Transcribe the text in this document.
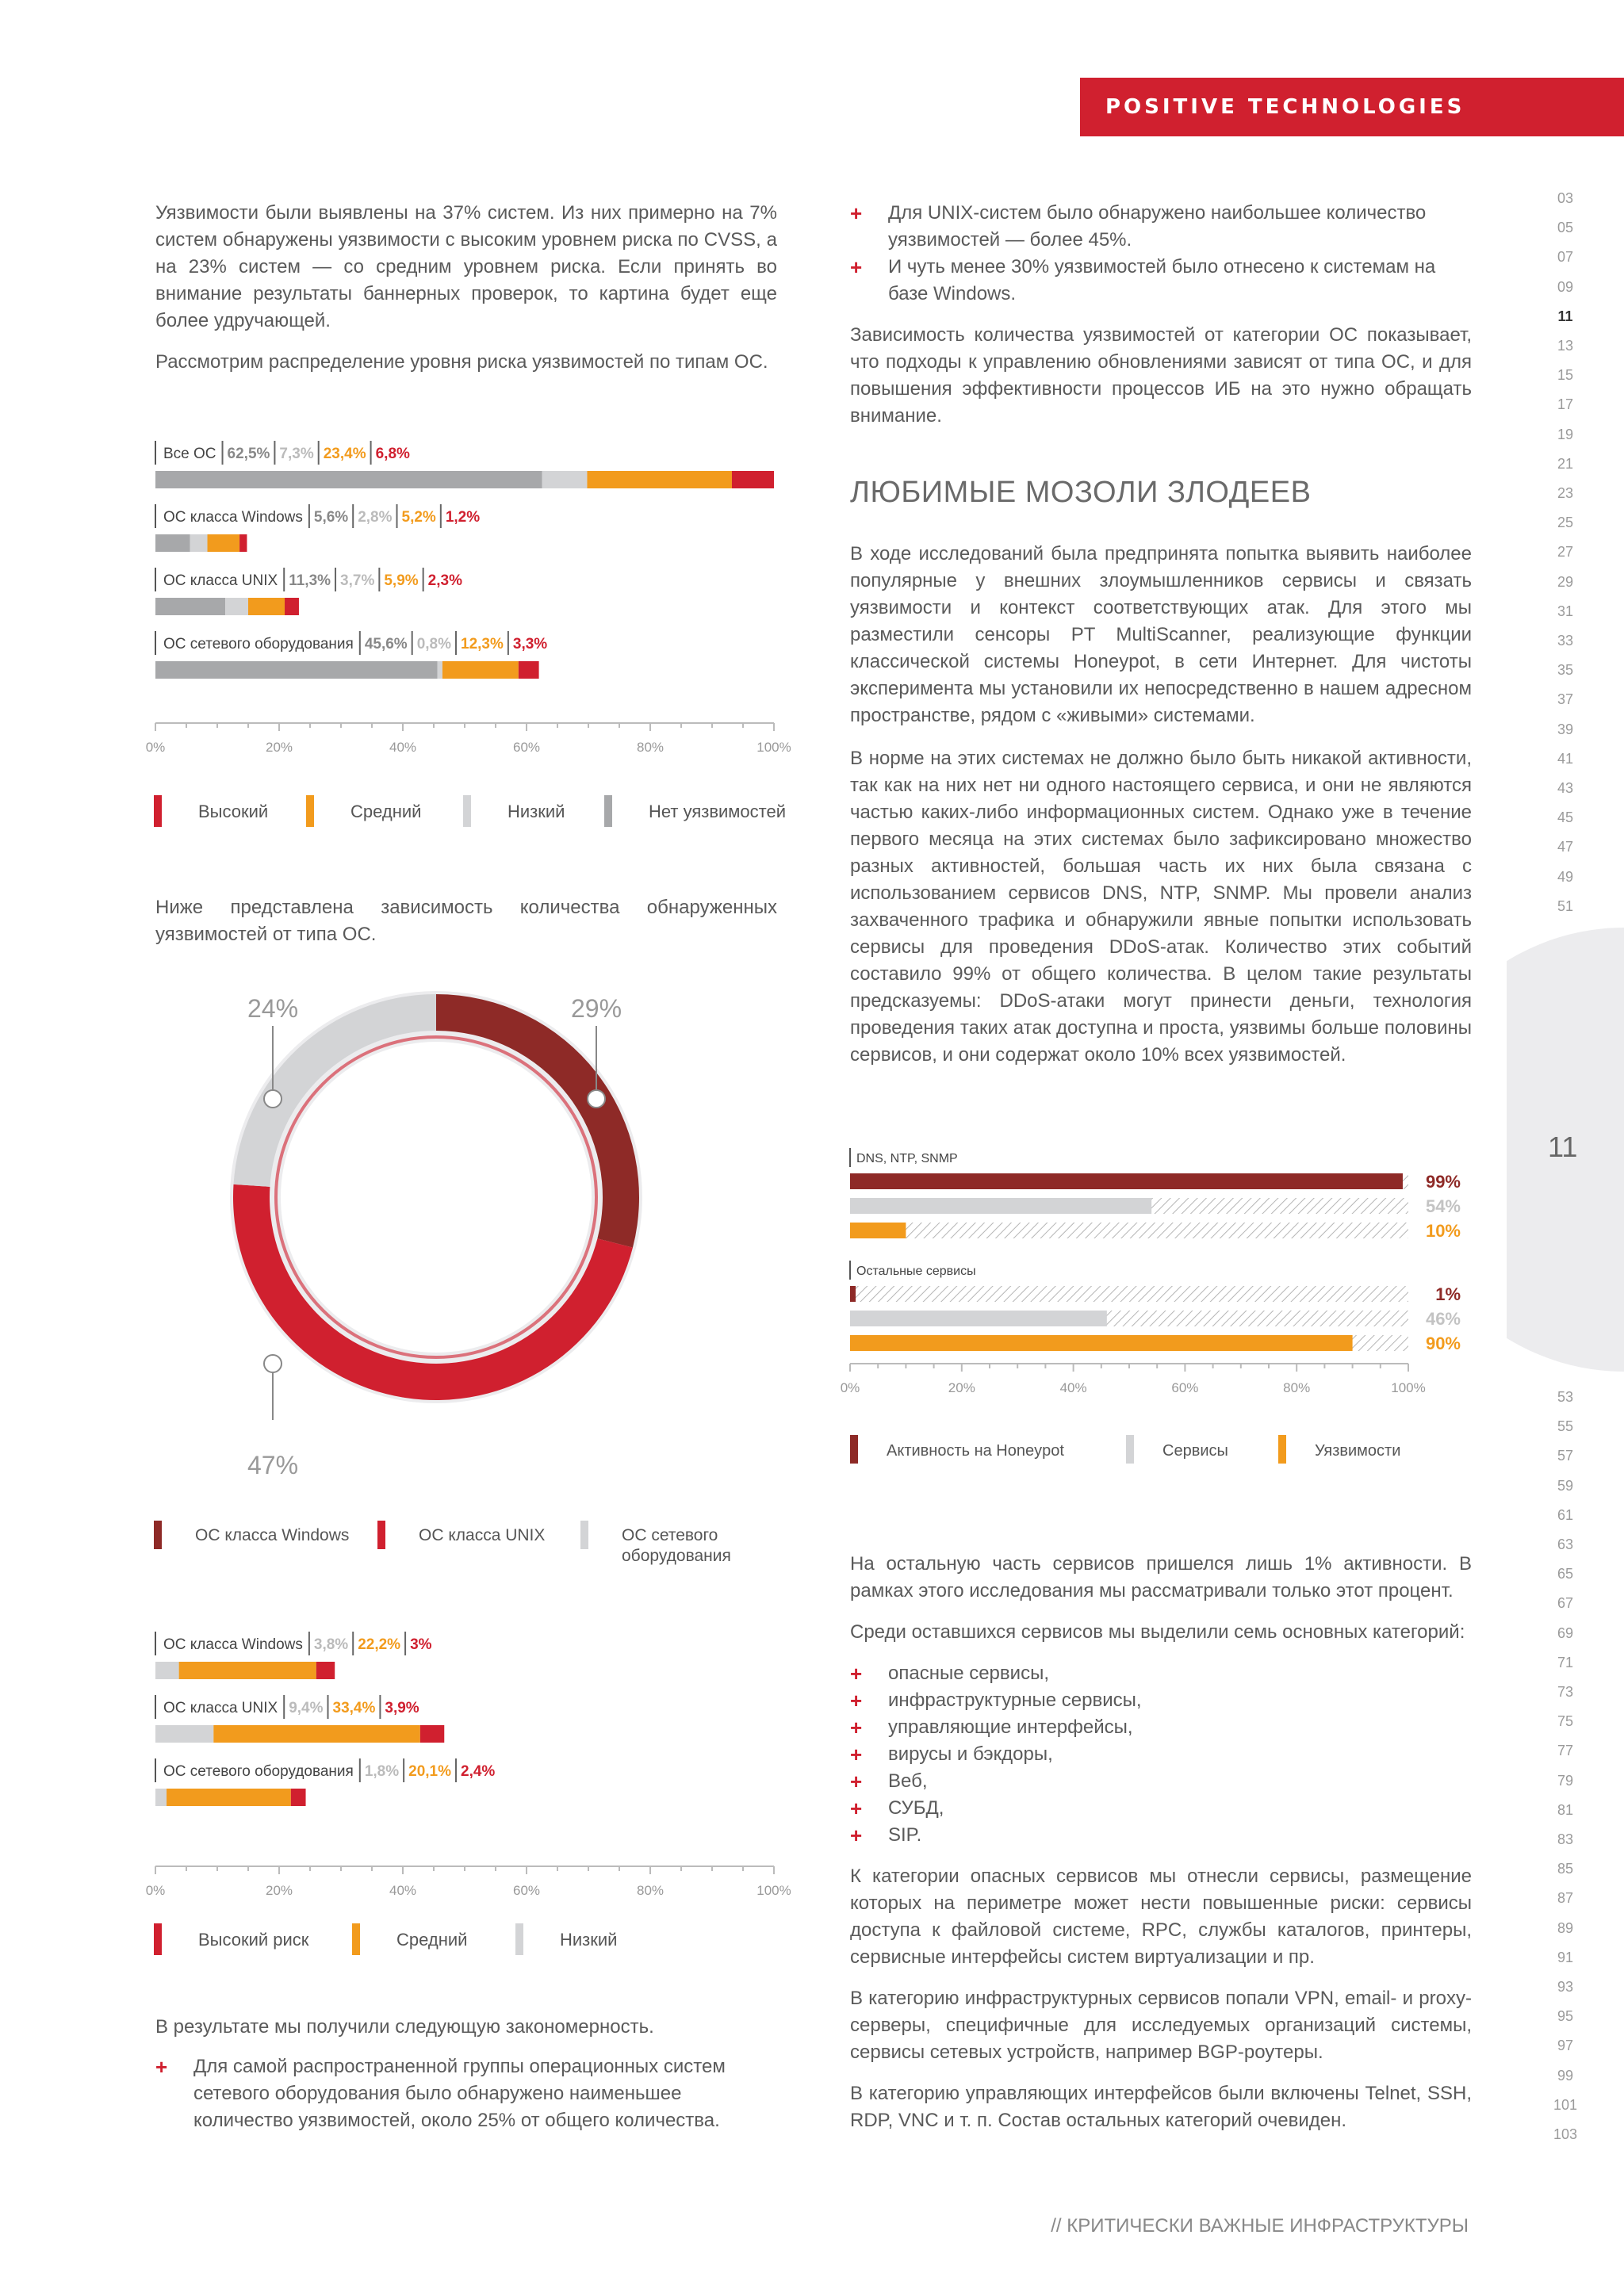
POSITIVE TECHNOLOGIES
03
05
07
09
11
13
15
17
19
21
23
25
27
29
31
33
35
37
39
41
43
45
47
49
51
53
55
57
59
61
63
65
67
69
71
73
75
77
79
81
83
85
87
89
91
93
95
97
99
101
103
11

Уязвимости были выявлены на 37% систем. Из них примерно на 7% систем обнаружены уязвимости с высоким уровнем риска по CVSS, а на 23% систем — со средним уровнем риска. Если принять во внимание результаты баннерных проверок, то картина будет еще более удручающей.

Рассмотрим распределение уровня риска уязвимостей по типам ОС.

Все ОС 62,5% 7,3% 23,4% 6,8%
ОС класса Windows 5,6% 2,8% 5,2% 1,2%
ОС класса UNIX 11,3% 3,7% 5,9% 2,3%
ОС сетевого оборудования 45,6% 0,8% 12,3% 3,3%
0%	20%	40%	60%	80%	100%
Высокий	Средний	Низкий	Нет уязвимостей

Ниже представлена зависимость количества обнаруженных уязвимостей от типа ОС.

29%
47%
24%
ОС класса Windows	ОС класса UNIX	ОС сетевого
оборудования
ОС класса Windows 3,8% 22,2% 3%
ОС класса UNIX 9,4% 33,4% 3,9%
ОС сетевого оборудования 1,8% 20,1% 2,4%
0%	20%	40%	60%	80%	100%
Высокий риск	Средний	Низкий

В результате мы получили следующую закономерность.

+ Для самой распространенной группы операционных систем сетевого оборудования было обнаружено наименьшее количество уязвимостей, около 25% от общего количества.
+ Для UNIX-систем было обнаружено наибольшее количество уязвимостей — более 45%.
+ И чуть менее 30% уязвимостей было отнесено к системам на базе Windows.

Зависимость количества уязвимостей от категории ОС показывает, что подходы к управлению обновлениями зависят от типа ОС, и для повышения эффективности процессов ИБ на это нужно обращать внимание.

ЛЮБИМЫЕ МОЗОЛИ ЗЛОДЕЕВ

В ходе исследований была предпринята попытка выявить наиболее популярные у внешних злоумышленников сервисы и связать уязвимости и контекст соответствующих атак. Для этого мы разместили сенсоры PT MultiScanner, реализующие функции классической системы Honeypot, в сети Интернет. Для чистоты эксперимента мы установили их непосредственно в нашем адресном пространстве, рядом с «живыми» системами.

В норме на этих системах не должно было быть никакой активности, так как на них нет ни одного настоящего сервиса, и они не являются частью каких-либо информационных систем. Однако уже в течение первого месяца на этих системах было зафиксировано множество разных активностей, большая часть их них была связана с использованием сервисов DNS, NTP, SNMP. Мы провели анализ захваченного трафика и обнаружили явные попытки использовать сервисы для проведения DDoS-атак. Количество этих событий составило 99% от общего количества. В целом такие результаты предсказуемы: DDoS-атаки могут принести деньги, технология проведения таких атак доступна и проста, уязвимы больше половины сервисов, и они содержат около 10% всех уязвимостей.

DNS, NTP, SNMP
99%
54%
10%
Остальные сервисы
1%
46%
90%
0%	20%	40%	60%	80%	100%
Активность на Honeypot	Сервисы	Уязвимости

На остальную часть сервисов пришелся лишь 1% активности. В рамках этого исследования мы рассматривали только этот процент.

Среди оставшихся сервисов мы выделили семь основных категорий:

+ опасные сервисы,
+ инфраструктурные сервисы,
+ управляющие интерфейсы,
+ вирусы и бэкдоры,
+ Веб,
+ СУБД,
+ SIP.

К категории опасных сервисов мы отнесли сервисы, размещение которых на периметре может нести повышенные риски: сервисы доступа к файловой системе, RPC, службы каталогов, принтеры, сервисные интерфейсы систем виртуализации и пр.

В категорию инфраструктурных сервисов попали VPN, email- и proxy-серверы, специфичные для исследуемых организаций системы, сервисы сетевых устройств, например BGP-роутеры.

В категорию управляющих интерфейсов были включены Telnet, SSH, RDP, VNC и т. п. Состав остальных категорий очевиден.

// КРИТИЧЕСКИ ВАЖНЫЕ ИНФРАСТРУКТУРЫ
